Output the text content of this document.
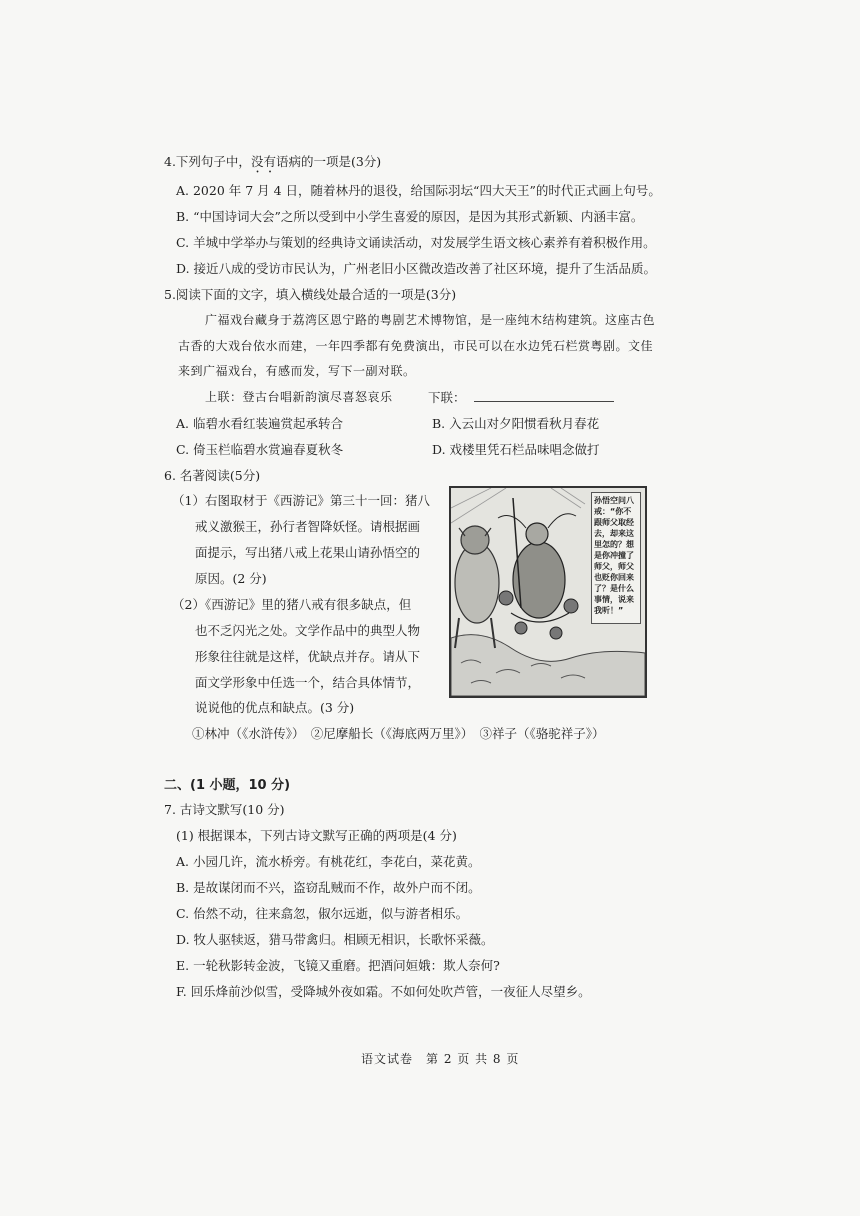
4.下列句子中，没有语病的一项是(3分)
A. 2020 年 7 月 4 日，随着林丹的退役，给国际羽坛“四大天王”的时代正式画上句号。
B. “中国诗词大会”之所以受到中小学生喜爱的原因，是因为其形式新颖、内涵丰富。
C. 羊城中学举办与策划的经典诗文诵读活动，对发展学生语文核心素养有着积极作用。
D. 接近八成的受访市民认为，广州老旧小区微改造改善了社区环境，提升了生活品质。
5.阅读下面的文字，填入横线处最合适的一项是(3分)
广福戏台藏身于荔湾区恩宁路的粤剧艺术博物馆，是一座纯木结构建筑。这座古色
古香的大戏台依水而建，一年四季都有免费演出，市民可以在水边凭石栏赏粤剧。文佳
来到广福戏台，有感而发，写下一副对联。
上联：登古台唱新韵演尽喜怒哀乐	下联：
A. 临碧水看红装遍赏起承转合	B. 入云山对夕阳惯看秋月春花
C. 倚玉栏临碧水赏遍春夏秋冬	D. 戏楼里凭石栏品味唱念做打
6. 名著阅读(5分)
（1）右图取材于《西游记》第三十一回：猪八
戒义激猴王，孙行者智降妖怪。请根据画
面提示，写出猪八戒上花果山请孙悟空的
原因。(2 分)
（2）《西游记》里的猪八戒有很多缺点，但
也不乏闪光之处。文学作品中的典型人物
形象往往就是这样，优缺点并存。请从下
面文学形象中任选一个，结合具体情节，
说说他的优点和缺点。(3 分)
①林冲（《水浒传》）　②尼摩船长（《海底两万里》）　③祥子（《骆驼祥子》）
孙悟空问八戒：“你不跟师父取经去，却来这里怎的？想是你冲撞了师父，师父也贬你回来了？是什么事情，说来我听！”
二、(1 小题，10 分)
7. 古诗文默写(10 分)
(1) 根据课本，下列古诗文默写正确的两项是(4 分)
A. 小园几许，流水桥旁。有桃花红，李花白，菜花黄。
B. 是故谋闭而不兴，盗窃乱贼而不作，故外户而不闭。
C. 佁然不动，往来翕忽，俶尔远逝，似与游者相乐。
D. 牧人驱犊返，猎马带禽归。相顾无相识，长歌怀采薇。
E. 一轮秋影转金波，飞镜又重磨。把酒问姮娥：欺人奈何?
F. 回乐烽前沙似雪，受降城外夜如霜。不如何处吹芦管，一夜征人尽望乡。
语文试卷　第 2 页 共 8 页
